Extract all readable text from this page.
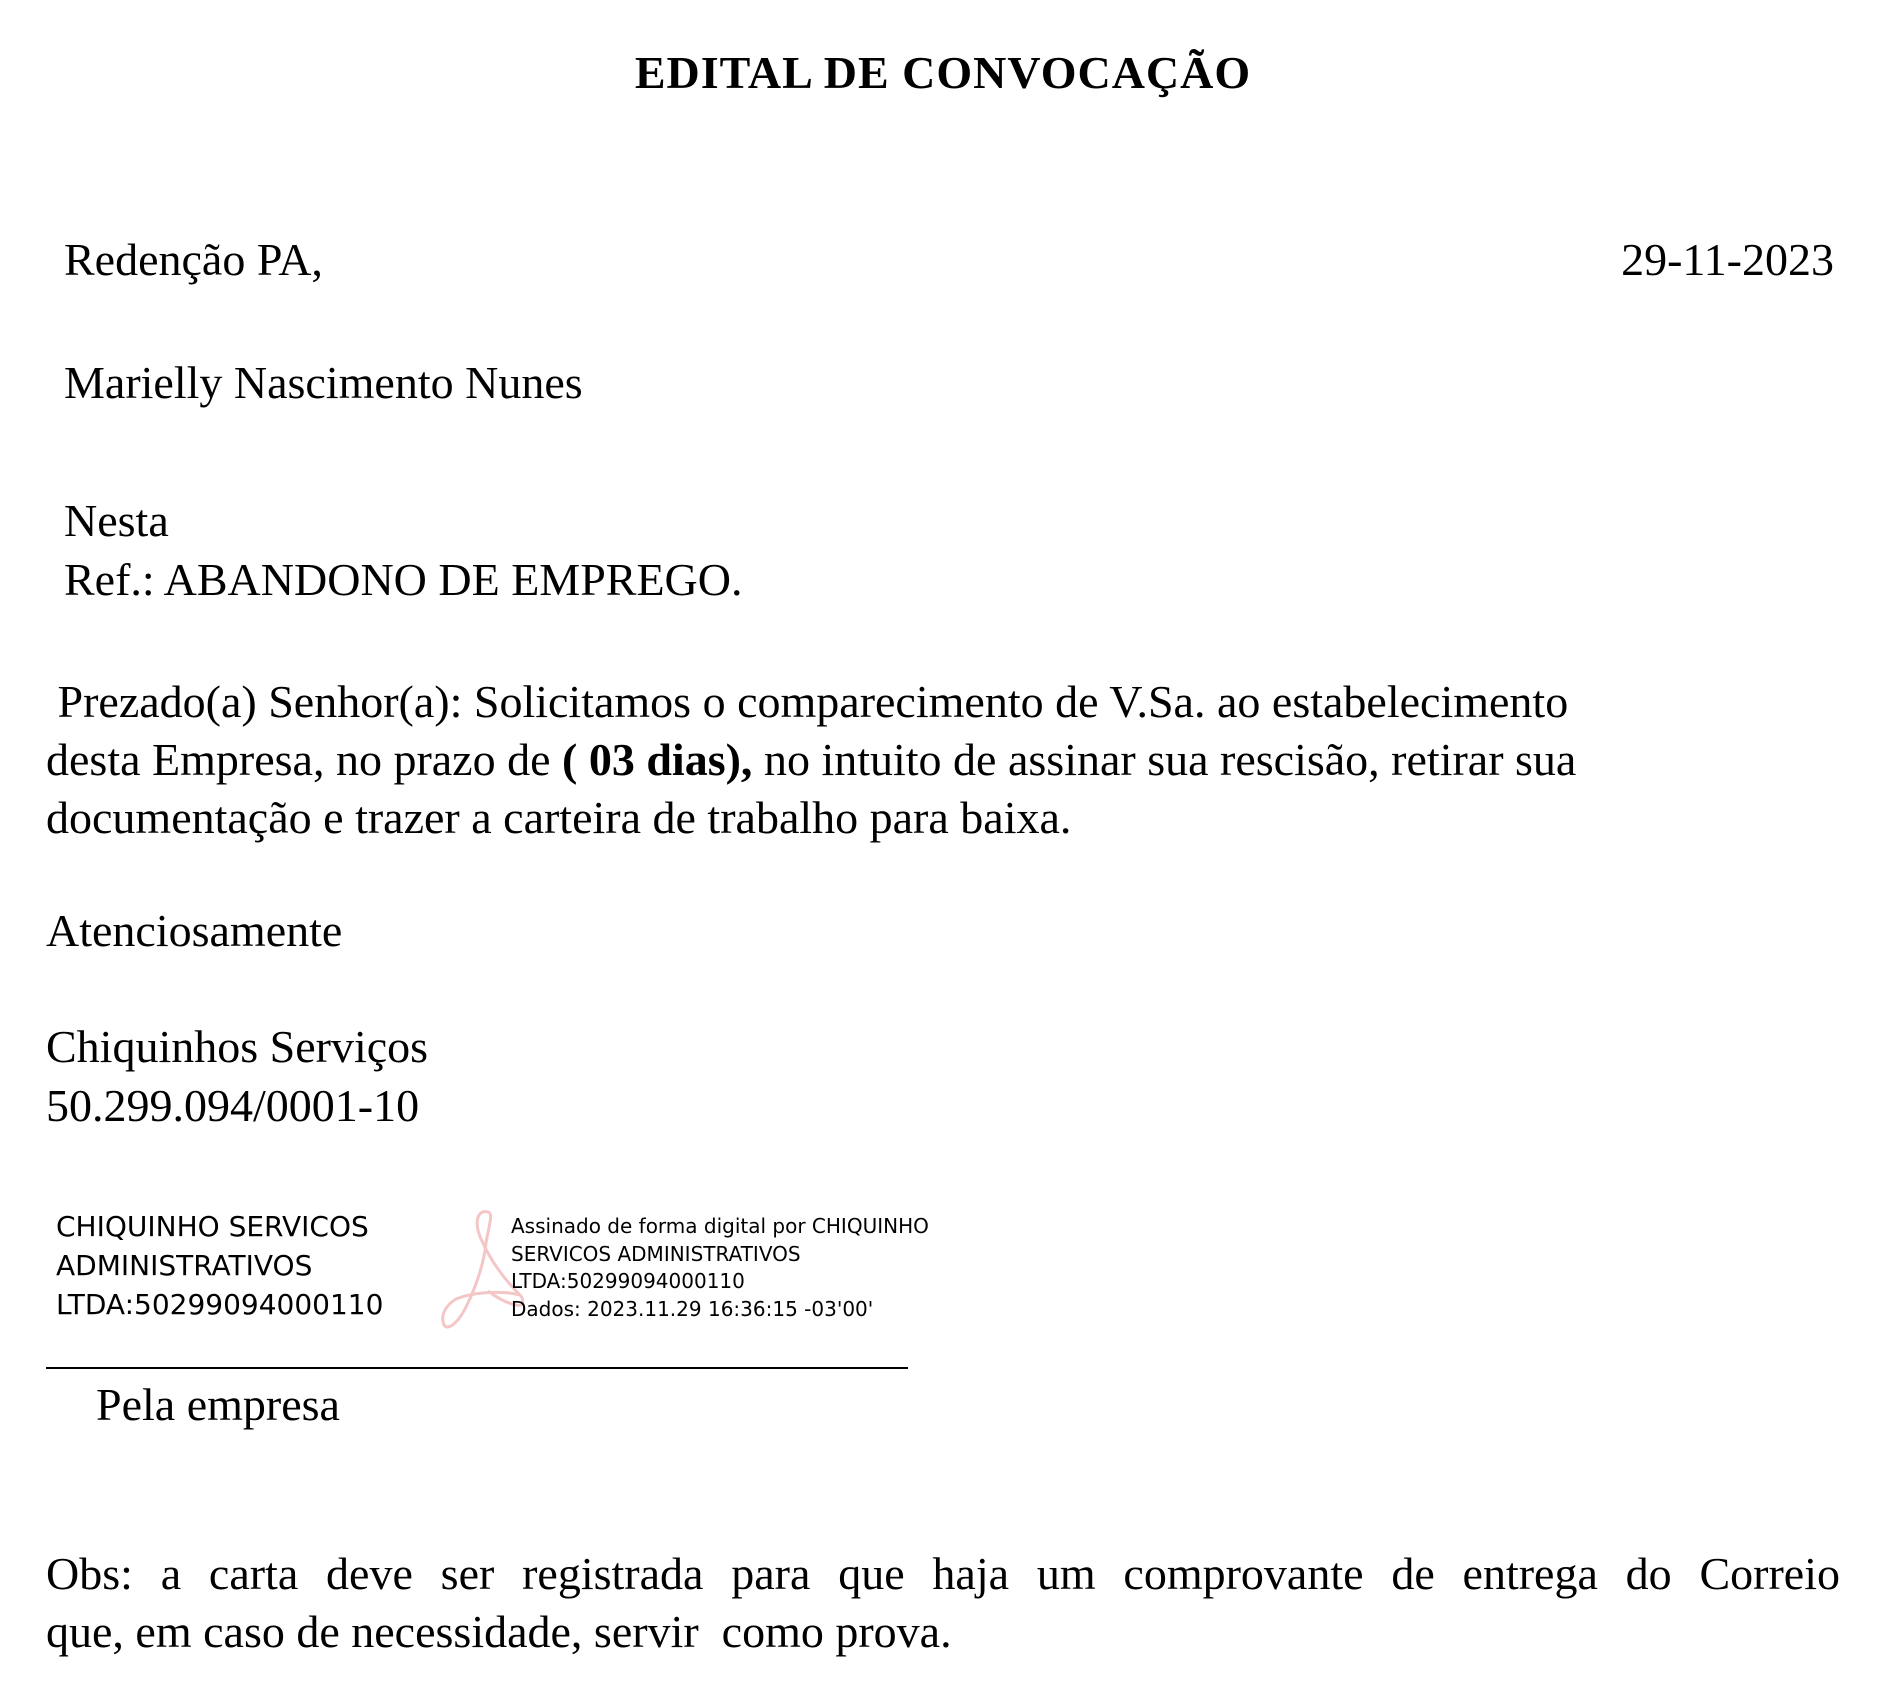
EDITAL DE CONVOCAÇÃO

Redenção PA,	29-11-2023

Marielly Nascimento Nunes

Nesta

Ref.: ABANDONO DE EMPREGO.

Prezado(a) Senhor(a): Solicitamos o comparecimento de V.Sa. ao estabelecimento
desta Empresa, no prazo de ( 03 dias), no intuito de assinar sua rescisão, retirar sua
documentação e trazer a carteira de trabalho para baixa.

Atenciosamente

Chiquinhos Serviços

50.299.094/0001-10

CHIQUINHO SERVICOS
ADMINISTRATIVOS
LTDA:50299094000110
Assinado de forma digital por CHIQUINHO
SERVICOS ADMINISTRATIVOS
LTDA:50299094000110
Dados: 2023.11.29 16:36:15 -03'00'

Pela empresa

Obs: a carta deve ser registrada para que haja um comprovante de entrega do Correio
que, em caso de necessidade, servir  como prova.
